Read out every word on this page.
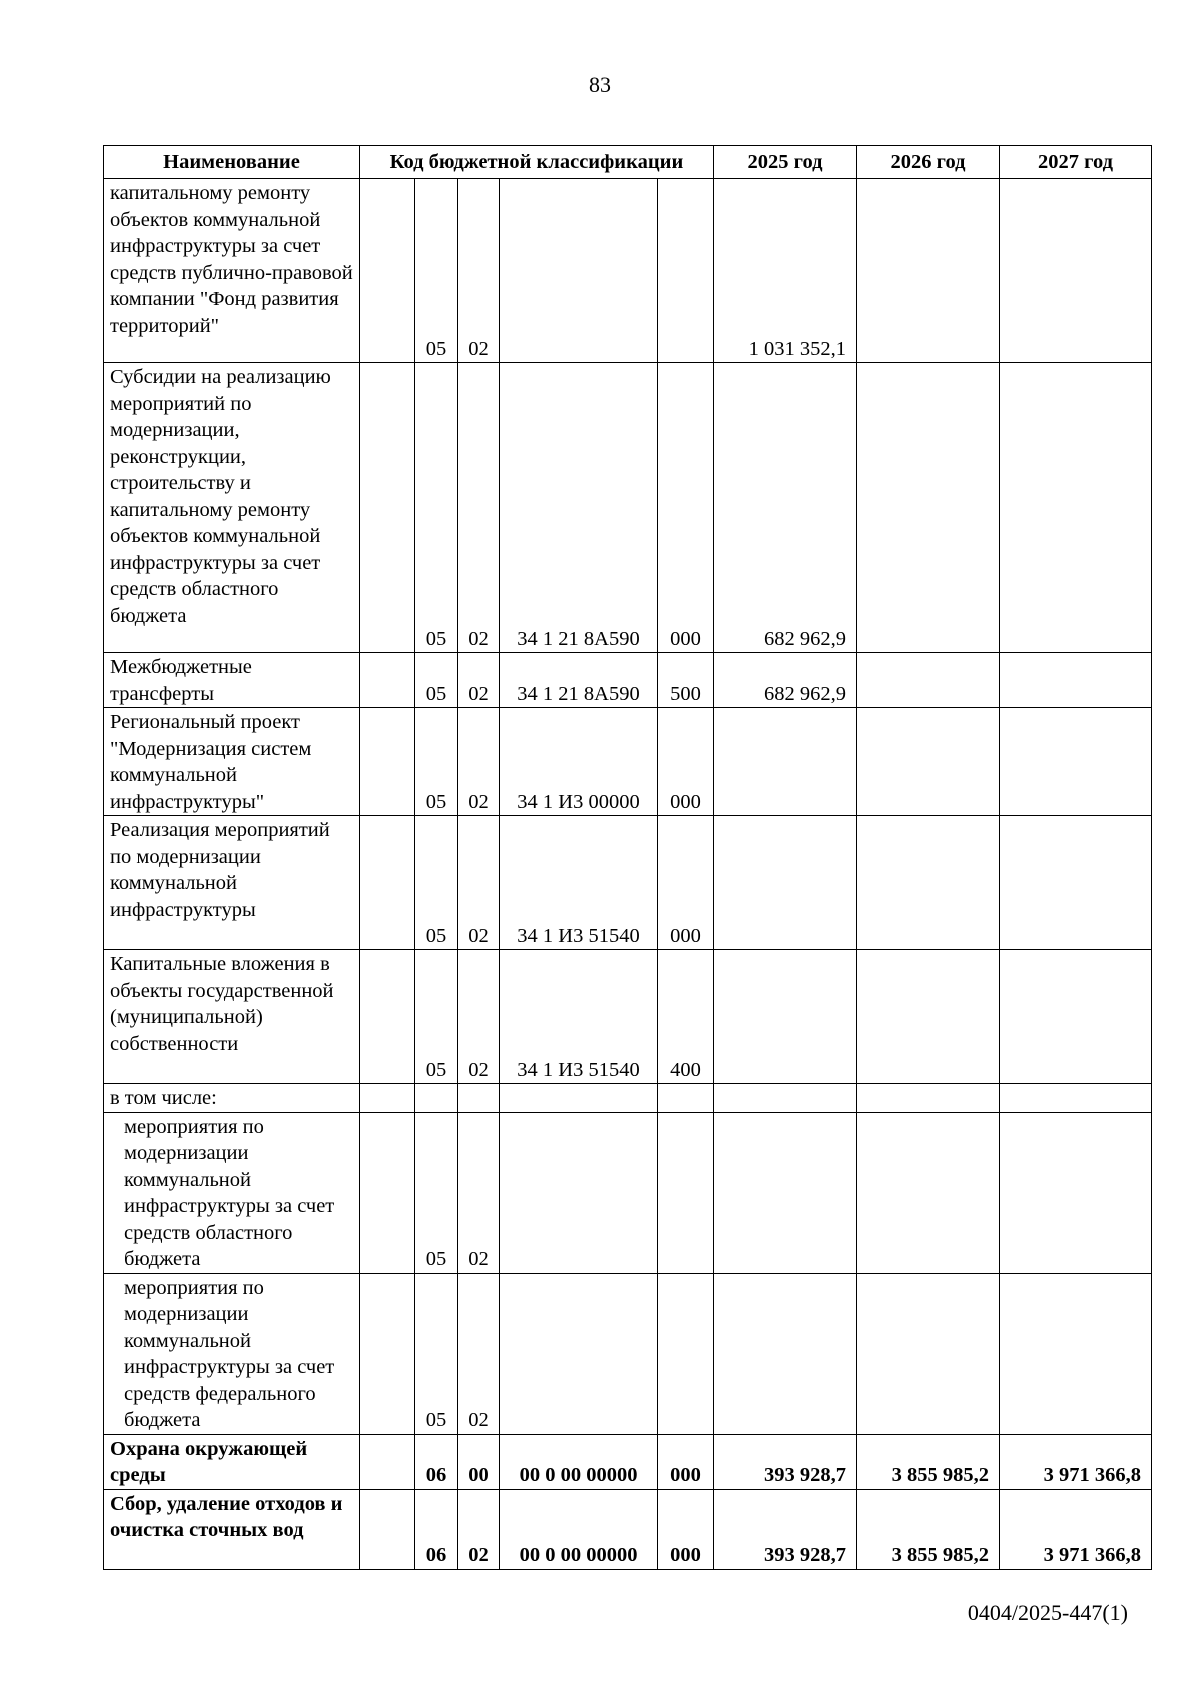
83
Наименование	Код бюджетной классификации					2025 год	2026 год	2027 год
капитальному ремонту объектов коммунальной инфраструктуры за счет средств публично-правовой компании "Фонд развития территорий"		05	02			1 031 352,1		
Субсидии на реализацию мероприятий по модернизации, реконструкции, строительству и капитальному ремонту объектов коммунальной инфраструктуры за счет средств областного бюджета		05	02	34 1 21 8А590	000	682 962,9		
Межбюджетные трансферты		05	02	34 1 21 8А590	500	682 962,9		
Региональный проект "Модернизация систем коммунальной инфраструктуры"		05	02	34 1 И3 00000	000			
Реализация мероприятий по модернизации коммунальной инфраструктуры		05	02	34 1 И3 51540	000			
Капитальные вложения в объекты государственной (муниципальной) собственности		05	02	34 1 И3 51540	400			
в том числе:								
мероприятия по модернизации коммунальной инфраструктуры за счет средств областного бюджета		05	02					
мероприятия по модернизации коммунальной инфраструктуры за счет средств федерального бюджета		05	02					
Охрана окружающей среды		06	00	00 0 00 00000	000	393 928,7	3 855 985,2	3 971 366,8
Сбор, удаление отходов и очистка сточных вод		06	02	00 0 00 00000	000	393 928,7	3 855 985,2	3 971 366,8
0404/2025-447(1)
